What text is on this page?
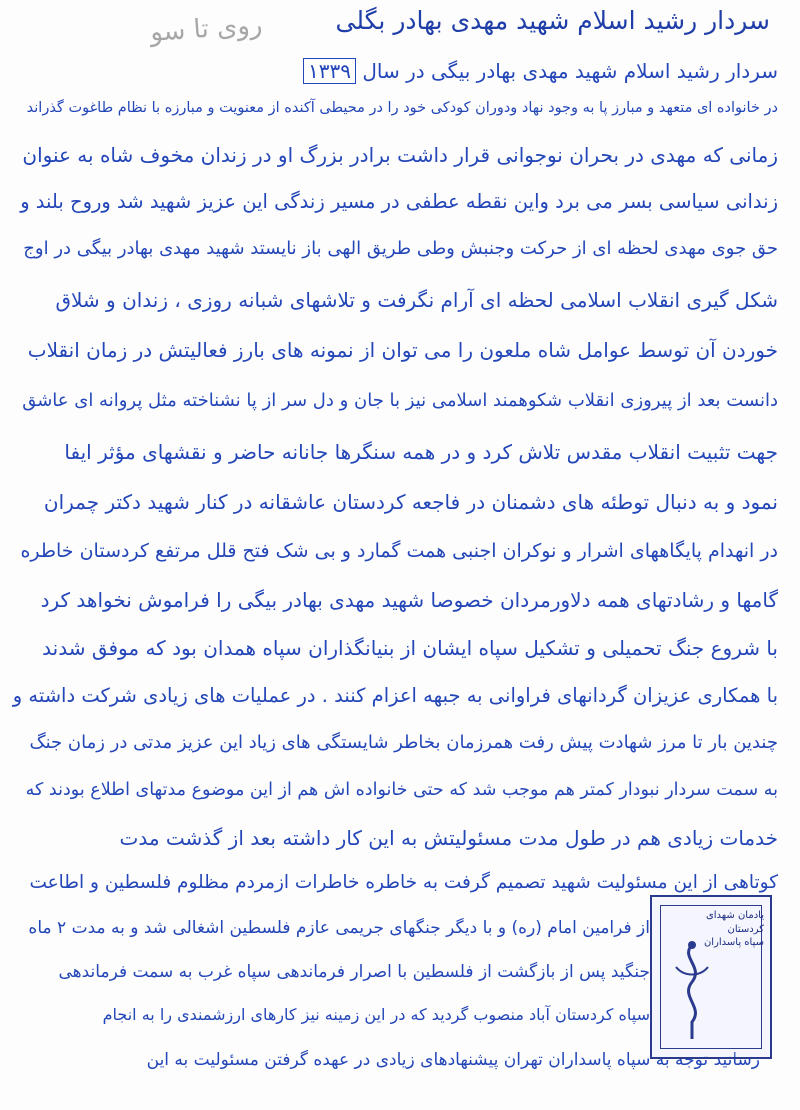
روی تا سو	سردار رشید اسلام شهید مهدی بهادر بگلی
سردار رشید اسلام شهید مهدی بهادر بیگی در سال ۱۳۳۹
در خانواده ای متعهد و مبارز پا به وجود نهاد ودوران کودکی خود را در محیطی آکنده از معنویت و مبارزه با نظام طاغوت گذراند
زمانی که مهدی در بحران نوجوانی قرار داشت برادر بزرگ او در زندان مخوف شاه به عنوان
زندانی سیاسی بسر می برد واین نقطه عطفی در مسیر زندگی این عزیز شهید شد وروح بلند و
حق جوی مهدی لحظه ای از حرکت وجنبش وطی طریق الهی باز نایستد شهید مهدی بهادر بیگی در اوج
شکل گیری انقلاب اسلامی لحظه ای آرام نگرفت و تلاشهای شبانه روزی ، زندان و شلاق
خوردن آن توسط عوامل شاه ملعون را می توان از نمونه های بارز فعالیتش در زمان انقلاب
دانست بعد از پیروزی انقلاب شکوهمند اسلامی نیز با جان و دل سر از پا نشناخته مثل پروانه ای عاشق
جهت تثبیت انقلاب مقدس تلاش کرد و در همه سنگرها جانانه حاضر و نقشهای مؤثر ایفا
نمود و به دنبال توطئه های دشمنان در فاجعه کردستان عاشقانه در کنار شهید دکتر چمران
در انهدام پایگاههای اشرار و نوکران اجنبی همت گمارد و بی شک فتح قلل مرتفع کردستان خاطره
گامها و رشادتهای همه دلاورمردان خصوصا شهید مهدی بهادر بیگی را فراموش نخواهد کرد
با شروع جنگ تحمیلی و تشکیل سپاه ایشان از بنیانگذاران سپاه همدان بود که موفق شدند
با همکاری عزیزان گردانهای فراوانی به جبهه اعزام کنند . در عملیات های زیادی شرکت داشته و
چندین بار تا مرز شهادت پیش رفت همرزمان بخاطر شایستگی های زیاد این عزیز مدتی در زمان جنگ
به سمت سردار نبودار کمتر هم موجب شد که حتی خانواده اش هم از این موضوع مدتهای اطلاع بودند که
خدمات زیادی هم در طول مدت مسئولیتش به این کار داشته بعد از گذشت مدت
کوتاهی از این مسئولیت شهید تصمیم گرفت به خاطره خاطرات ازمردم مظلوم فلسطین و اطاعت
از فرامین امام (ره) و با دیگر جنگهای جریمی عازم فلسطین اشغالی شد و به مدت ۲ ماه
جنگید پس از بازگشت از فلسطین با اصرار فرماندهی سپاه غرب به سمت فرماندهی
سپاه کردستان آباد منصوب گردید که در این زمینه نیز کارهای ارزشمندی را به انجام
رسانید توجه به سپاه پاسداران تهران پیشنهادهای زیادی در عهده گرفتن مسئولیت به این
یادمان شهدای
کردستان
سپاه پاسداران
